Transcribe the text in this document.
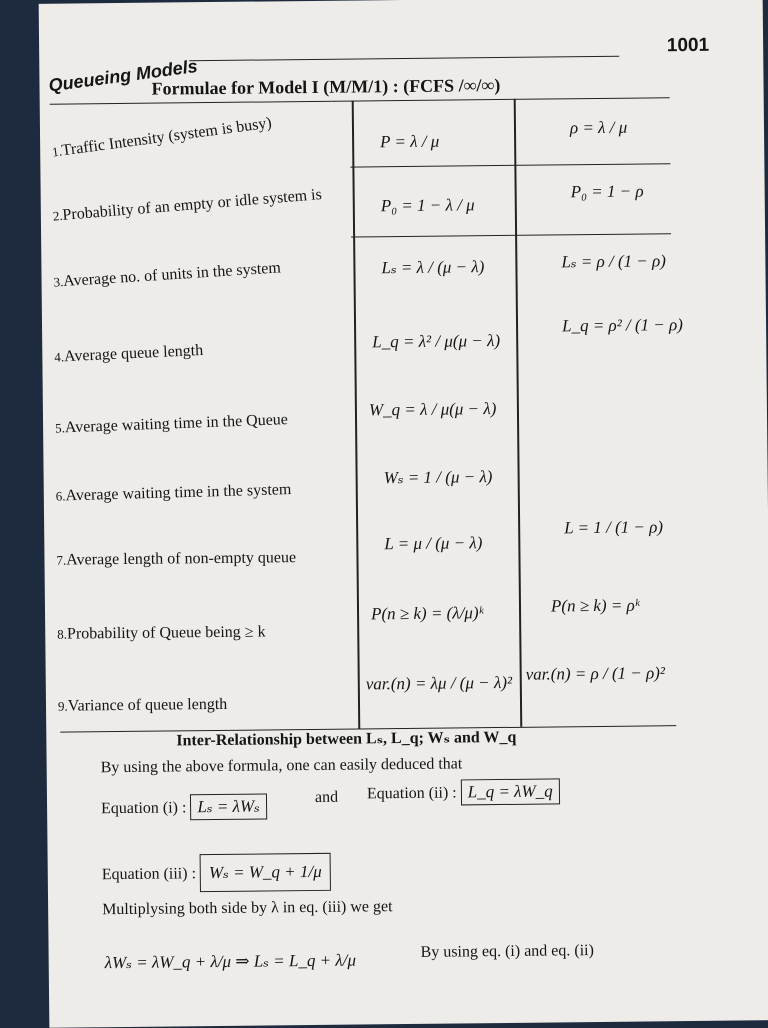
Queueing Models
1001
Formulae for Model I (M/M/1) : (FCFS /∞/∞)
1.Traffic Intensity (system is busy)
2.Probability of an empty or idle system is
3.Average no. of units in the system
4.Average queue length
5.Average waiting time in the Queue
6.Average waiting time in the system
7.Average length of non-empty queue
8.Probability of Queue being ≥ k
9.Variance of queue length
P = λ / μ
P₀ = 1 − λ / μ
Lₛ = λ / (μ − λ)
L_q = λ² / μ(μ − λ)
W_q = λ / μ(μ − λ)
Wₛ = 1 / (μ − λ)
L = μ / (μ − λ)
P(n ≥ k) = (λ/μ)ᵏ
var.(n) = λμ / (μ − λ)²
ρ = λ / μ
P₀ = 1 − ρ
Lₛ = ρ / (1 − ρ)
L_q = ρ² / (1 − ρ)
L = 1 / (1 − ρ)
P(n ≥ k) = ρᵏ
var.(n) = ρ / (1 − ρ)²
Inter-Relationship between Lₛ, L_q; Wₛ and W_q
By using the above formula, one can easily deduced that
Equation (i) : Lₛ = λWₛ	and Equation (ii) : L_q = λW_q
Equation (iii) : Wₛ = W_q + 1/μ
Multiplysing both side by λ in eq. (iii) we get
λWₛ = λW_q + λ/μ ⇒ Lₛ = L_q + λ/μ	By using eq. (i) and eq. (ii)
